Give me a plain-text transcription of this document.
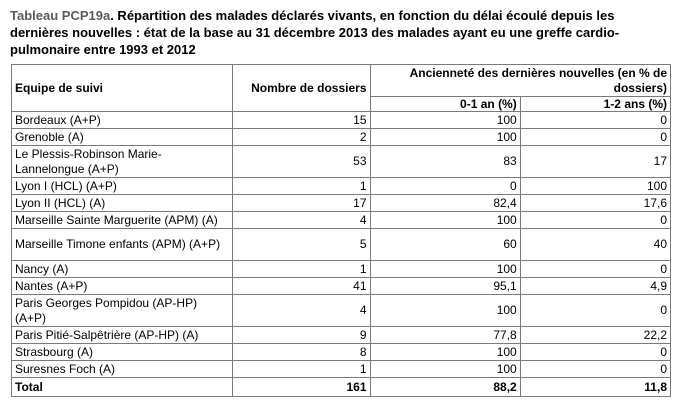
Tableau PCP19a. Répartition des malades déclarés vivants, en fonction du délai écoulé depuis les dernières nouvelles : état de la base au 31 décembre 2013 des malades ayant eu une greffe cardio-pulmonaire entre 1993 et 2012
Equipe de suivi	Nombre de dossiers	Ancienneté des dernières nouvelles (en % de dossiers)	
		0-1 an (%)	1-2 ans (%)
Bordeaux (A+P)	15	100	0
Grenoble (A)	2	100	0
Le Plessis-Robinson Marie-Lannelongue (A+P)	53	83	17
Lyon I (HCL) (A+P)	1	0	100
Lyon II (HCL) (A)	17	82,4	17,6
Marseille Sainte Marguerite (APM) (A)	4	100	0
Marseille Timone enfants (APM) (A+P)	5	60	40
Nancy (A)	1	100	0
Nantes (A+P)	41	95,1	4,9
Paris Georges Pompidou (AP-HP) (A+P)	4	100	0
Paris Pitié-Salpêtrière (AP-HP) (A)	9	77,8	22,2
Strasbourg (A)	8	100	0
Suresnes Foch (A)	1	100	0
Total	161	88,2	11,8
